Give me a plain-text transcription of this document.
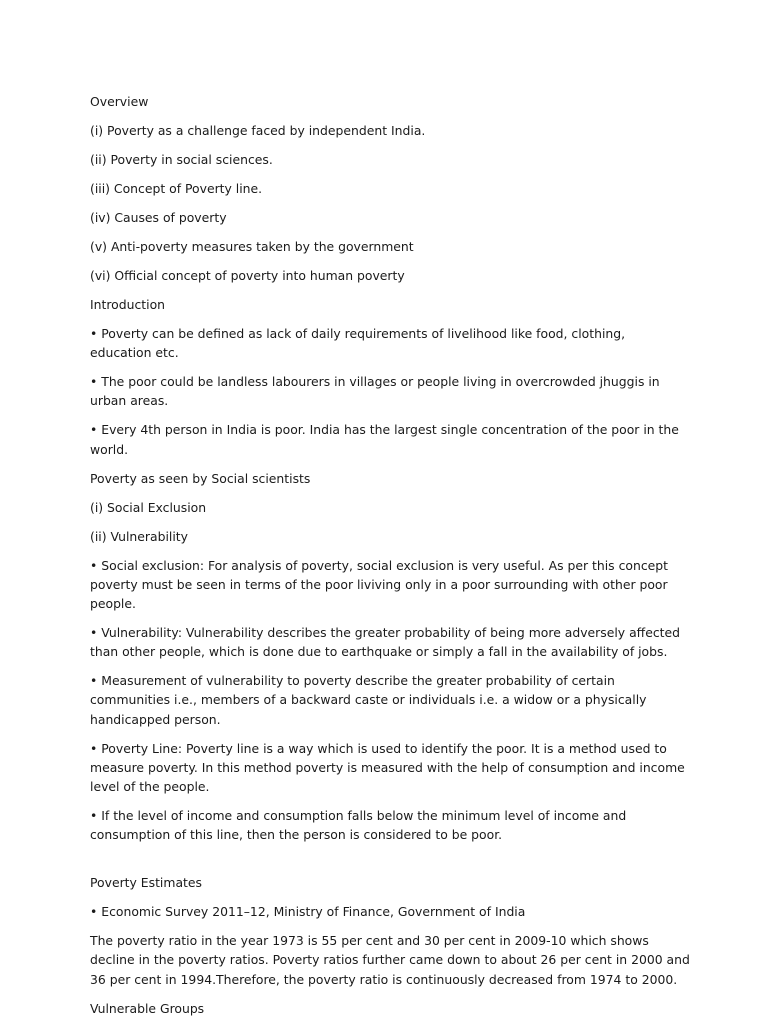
Overview

(i) Poverty as a challenge faced by independent India.

(ii) Poverty in social sciences.

(iii) Concept of Poverty line.

(iv) Causes of poverty

(v) Anti-poverty measures taken by the government

(vi) Official concept of poverty into human poverty

Introduction

• Poverty can be defined as lack of daily requirements of livelihood like food, clothing, education etc.

• The poor could be landless labourers in villages or people living in overcrowded jhuggis in urban areas.

• Every 4th person in India is poor. India has the largest single concentration of the poor in the world.

Poverty as seen by Social scientists

(i) Social Exclusion

(ii) Vulnerability

• Social exclusion: For analysis of poverty, social exclusion is very useful. As per this concept poverty must be seen in terms of the poor liviving only in a poor surrounding with other poor people.

• Vulnerability: Vulnerability describes the greater probability of being more adversely affected than other people, which is done due to earthquake or simply a fall in the availability of jobs.

• Measurement of vulnerability to poverty describe the greater probability of certain communities i.e., members of a backward caste or individuals i.e. a widow or a physically handicapped person.

• Poverty Line: Poverty line is a way which is used to identify the poor. It is a method used to measure poverty. In this method poverty is measured with the help of consumption and income level of the people.

• If the level of income and consumption falls below the minimum level of income and consumption of this line, then the person is considered to be poor.

Poverty Estimates

• Economic Survey 2011–12, Ministry of Finance, Government of India

The poverty ratio in the year 1973 is 55 per cent and 30 per cent in 2009-10 which shows decline in the poverty ratios. Poverty ratios further came down to about 26 per cent in 2000 and 36 per cent in 1994.Therefore, the poverty ratio is continuously decreased from 1974 to 2000.

Vulnerable Groups
